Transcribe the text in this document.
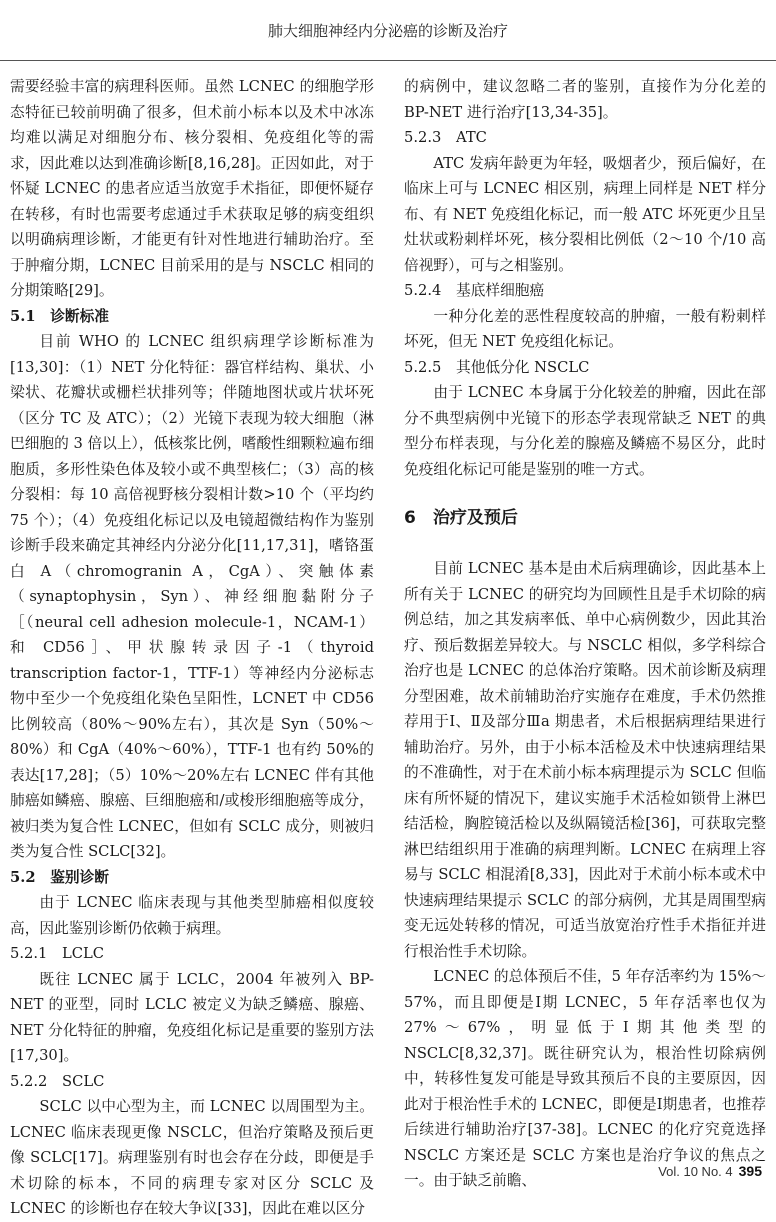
肺大细胞神经内分泌癌的诊断及治疗

需要经验丰富的病理科医师。虽然 LCNEC 的细胞学形态特征已较前明确了很多，但术前小标本以及术中冰冻均难以满足对细胞分布、核分裂相、免疫组化等的需求，因此难以达到准确诊断[8,16,28]。正因如此，对于怀疑 LCNEC 的患者应适当放宽手术指征，即便怀疑存在转移，有时也需要考虑通过手术获取足够的病变组织以明确病理诊断，才能更有针对性地进行辅助治疗。至于肿瘤分期，LCNEC 目前采用的是与 NSCLC 相同的分期策略[29]。

5.1　诊断标准

目前 WHO 的 LCNEC 组织病理学诊断标准为[13,30]：（1）NET 分化特征：器官样结构、巢状、小梁状、花瓣状或栅栏状排列等；伴随地图状或片状坏死（区分 TC 及 ATC）；（2）光镜下表现为较大细胞（淋巴细胞的 3 倍以上），低核浆比例，嗜酸性细颗粒遍布细胞质，多形性染色体及较小或不典型核仁；（3）高的核分裂相：每 10 高倍视野核分裂相计数>10 个（平均约 75 个）；（4）免疫组化标记以及电镜超微结构作为鉴别诊断手段来确定其神经内分泌分化[11,17,31]，嗜铬蛋白 A（chromogranin A，CgA）、突触体素（synaptophysin，Syn）、神经细胞黏附分子［（neural cell adhesion molecule-1，NCAM-1）和 CD56］、甲状腺转录因子-1（thyroid transcription factor-1，TTF-1）等神经内分泌标志物中至少一个免疫组化染色呈阳性，LCNET 中 CD56 比例较高（80%～90%左右），其次是 Syn（50%～80%）和 CgA（40%～60%），TTF-1 也有约 50%的表达[17,28]；（5）10%～20%左右 LCNEC 伴有其他肺癌如鳞癌、腺癌、巨细胞癌和/或梭形细胞癌等成分，被归类为复合性 LCNEC，但如有 SCLC 成分，则被归类为复合性 SCLC[32]。

5.2　鉴别诊断

由于 LCNEC 临床表现与其他类型肺癌相似度较高，因此鉴别诊断仍依赖于病理。

5.2.1　LCLC

既往 LCNEC 属于 LCLC，2004 年被列入 BP-NET 的亚型，同时 LCLC 被定义为缺乏鳞癌、腺癌、NET 分化特征的肿瘤，免疫组化标记是重要的鉴别方法[17,30]。

5.2.2　SCLC

SCLC 以中心型为主，而 LCNEC 以周围型为主。LCNEC 临床表现更像 NSCLC，但治疗策略及预后更像 SCLC[17]。病理鉴别有时也会存在分歧，即便是手术切除的标本，不同的病理专家对区分 SCLC 及 LCNEC 的诊断也存在较大争议[33]，因此在难以区分

的病例中，建议忽略二者的鉴别，直接作为分化差的 BP-NET 进行治疗[13,34-35]。

5.2.3　ATC

ATC 发病年龄更为年轻，吸烟者少，预后偏好，在临床上可与 LCNEC 相区别，病理上同样是 NET 样分布、有 NET 免疫组化标记，而一般 ATC 坏死更少且呈灶状或粉刺样坏死，核分裂相比例低（2～10 个/10 高倍视野），可与之相鉴别。

5.2.4　基底样细胞癌

一种分化差的恶性程度较高的肿瘤，一般有粉刺样坏死，但无 NET 免疫组化标记。

5.2.5　其他低分化 NSCLC

由于 LCNEC 本身属于分化较差的肿瘤，因此在部分不典型病例中光镜下的形态学表现常缺乏 NET 的典型分布样表现，与分化差的腺癌及鳞癌不易区分，此时免疫组化标记可能是鉴别的唯一方式。

6　治疗及预后

目前 LCNEC 基本是由术后病理确诊，因此基本上所有关于 LCNEC 的研究均为回顾性且是手术切除的病例总结，加之其发病率低、单中心病例数少，因此其治疗、预后数据差异较大。与 NSCLC 相似，多学科综合治疗也是 LCNEC 的总体治疗策略。因术前诊断及病理分型困难，故术前辅助治疗实施存在难度，手术仍然推荐用于Ⅰ、Ⅱ及部分Ⅲa 期患者，术后根据病理结果进行辅助治疗。另外，由于小标本活检及术中快速病理结果的不准确性，对于在术前小标本病理提示为 SCLC 但临床有所怀疑的情况下，建议实施手术活检如锁骨上淋巴结活检，胸腔镜活检以及纵隔镜活检[36]，可获取完整淋巴结组织用于准确的病理判断。LCNEC 在病理上容易与 SCLC 相混淆[8,33]，因此对于术前小标本或术中快速病理结果提示 SCLC 的部分病例，尤其是周围型病变无远处转移的情况，可适当放宽治疗性手术指征并进行根治性手术切除。

LCNEC 的总体预后不佳，5 年存活率约为 15%～57%，而且即便是Ⅰ期 LCNEC，5 年存活率也仅为 27%～67%，明显低于Ⅰ期其他类型的 NSCLC[8,32,37]。既往研究认为，根治性切除病例中，转移性复发可能是导致其预后不良的主要原因，因此对于根治性手术的 LCNEC，即便是Ⅰ期患者，也推荐后续进行辅助治疗[37-38]。LCNEC 的化疗究竟选择 NSCLC 方案还是 SCLC 方案也是治疗争议的焦点之一。由于缺乏前瞻、

Vol. 10 No. 4 395
